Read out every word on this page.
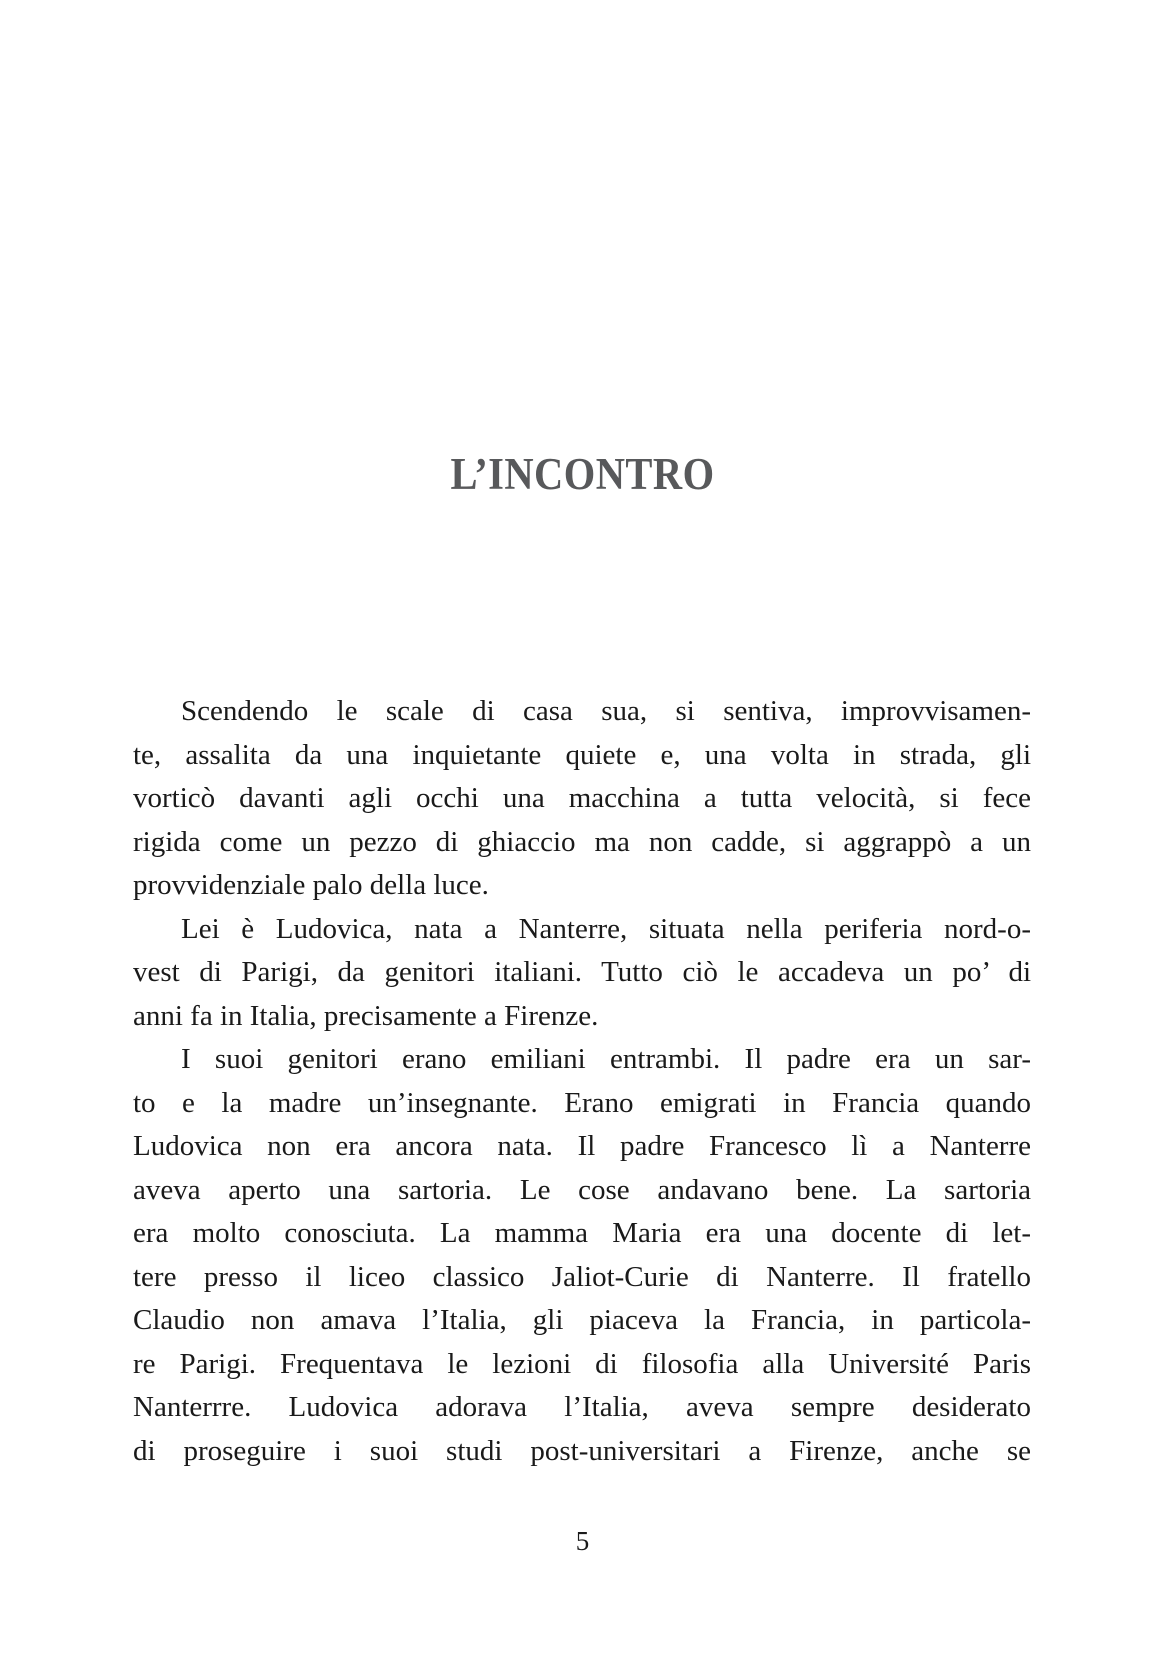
L’INCONTRO
Scendendo le scale di casa sua, si sentiva, improvvisamen-
te, assalita da una inquietante quiete e, una volta in strada, gli
vorticò davanti agli occhi una macchina a tutta velocità, si fece
rigida come un pezzo di ghiaccio ma non cadde, si aggrappò a un
provvidenziale palo della luce.
Lei è Ludovica, nata a Nanterre, situata nella periferia nord-o-
vest di Parigi, da genitori italiani. Tutto ciò le accadeva un po’ di
anni fa in Italia, precisamente a Firenze.
I suoi genitori erano emiliani entrambi. Il padre era un sar-
to e la madre un’insegnante. Erano emigrati in Francia quando
Ludovica non era ancora nata. Il padre Francesco lì a Nanterre
aveva aperto una sartoria. Le cose andavano bene. La sartoria
era molto conosciuta. La mamma Maria era una docente di let-
tere presso il liceo classico Jaliot-Curie di Nanterre. Il fratello
Claudio non amava l’Italia, gli piaceva la Francia, in particola-
re Parigi. Frequentava le lezioni di filosofia alla Université Paris
Nanterrre. Ludovica adorava l’Italia, aveva sempre desiderato
di proseguire i suoi studi post-universitari a Firenze, anche se
5
